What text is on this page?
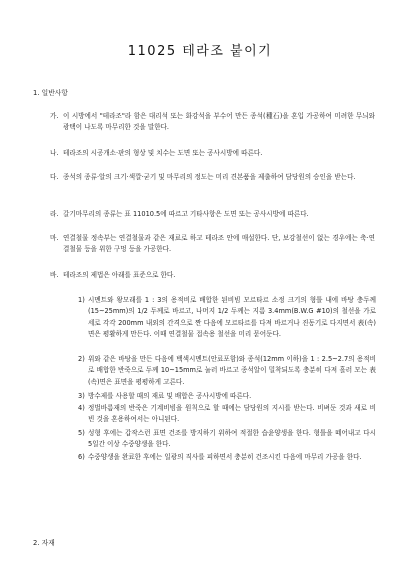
11025 테라조 붙이기
1. 일반사항
가. 이 시방에서 "테라조"라 함은 대리석 또는 화강석을 부수어 만든 종석(種石)을 혼입 가공하여 미려한 무늬와 광택이 나도록 마무리한 것을 말한다.
나. 테라조의 시공개소·판의 형상 및 치수는 도면 또는 공사시방에 따른다.
다. 종석의 종류·알의 크기·색깔·굳기 및 마무리의 정도는 미리 견본품을 제출하여 담당원의 승인을 받는다.
라. 갈기마무리의 종류는 표 11010.5에 따르고 기타사항은 도면 또는 공사시방에 따른다.
마. 연결철물 정속부는 연결철물과 같은 재료로 하고 테라조 안에 매설한다. 단, 보강철선이 없는 경우에는 축·연결철물 등을 위한 구멍 등을 가공한다.
바. 테라조의 제법은 아래를 표준으로 한다.
1) 시멘트와 왕모래를 1 : 3의 용적비로 배합한 된비빔 모르타르 소정 크기의 형틀 내에 바탕 충두께(15~25mm)의 1/2 두께로 바르고, 나머지 1/2 두께는 지름 3.4mm(B.W.G #10)의 철선을 가로세로 각각 200mm 내외의 간격으로 짠 다음에 모르타르를 다져 바르거나 진동기로 다지면서 表(속)면은 평활하게 만든다. 이때 연결철물 접속용 철선을 미리 묻어둔다.
2) 위와 같은 바탕을 만든 다음에 백색시멘트(안료포함)와 종석(12mm 이하)을 1 : 2.5~2.7의 용적비로 배합한 반죽으로 두께 10~15mm로 눌러 바르고 종석알이 밀착되도록 충분히 다져 흘러 모는 表(속)면은 표면을 평평하게 고른다.
3) 방수제를 사용할 때의 재료 및 배합은 공사시방에 따른다.
4) 정벌바름재의 반죽은 기계비빔을 원칙으로 할 때에는 담당원의 지시를 받는다. 비벼둔 것과 새로 비빈 것을 혼용하여서는 아니된다.
5) 성형 후에는 갑작스런 표면 건조를 방지하기 위하여 적절한 습윤양생을 한다. 형틀을 떼어내고 다시 5일간 이상 수중양생을 한다.
6) 수중양생을 완료한 후에는 일광의 직사를 피하면서 충분히 건조시킨 다음에 마무리 가공을 한다.
2. 자재
